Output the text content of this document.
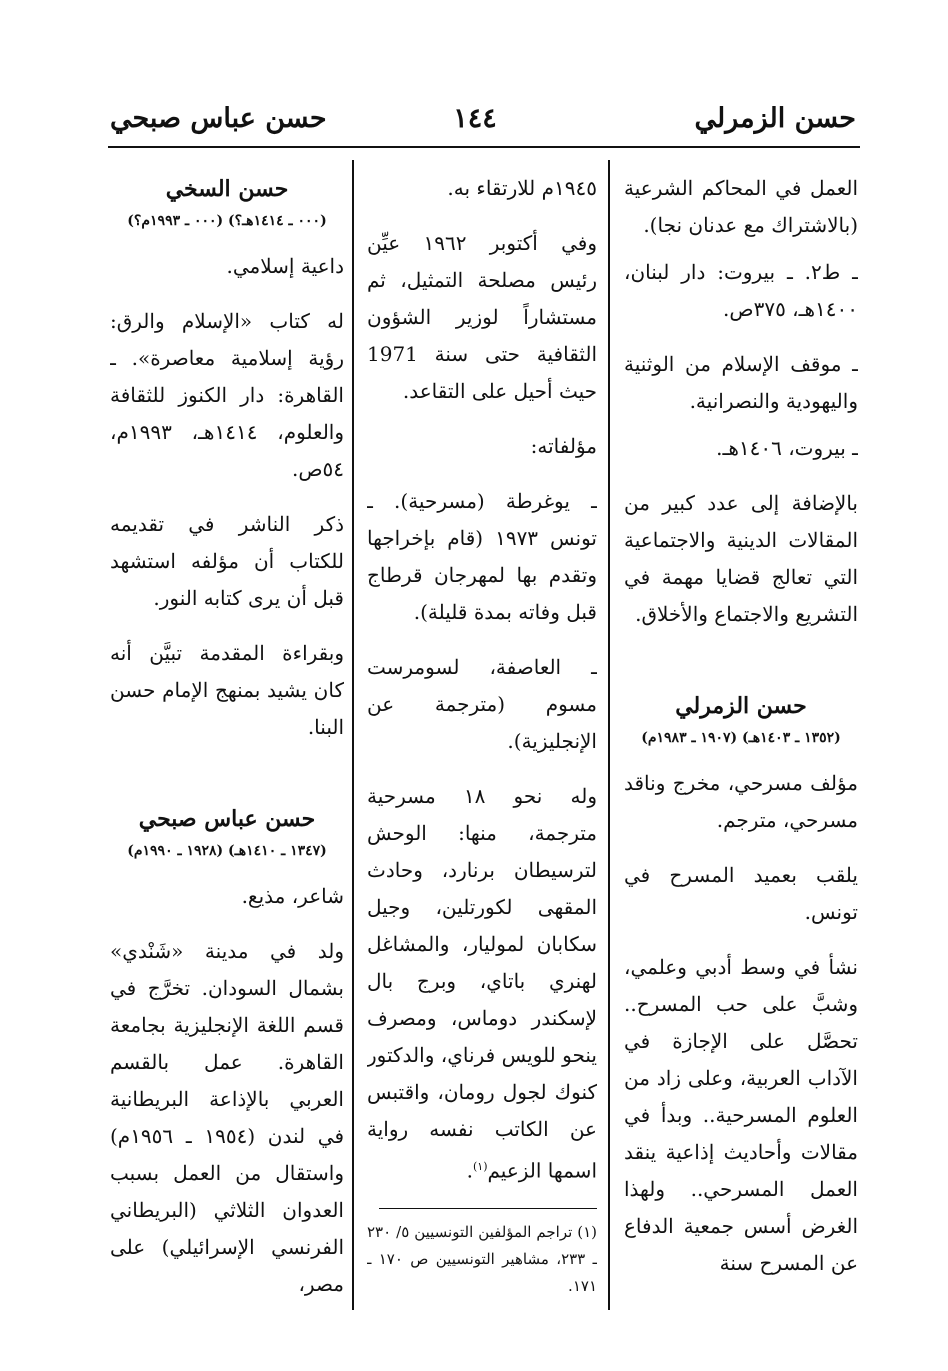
حسن الزمرلي
١٤٤
حسن عباس صبحي

العمل في المحاكم الشرعية (بالاشتراك مع عدنان نجا).

ـ ط٢. ـ بيروت: دار لبنان، ١٤٠٠هـ، ٣٧٥ص.

ـ موقف الإسلام من الوثنية واليهودية والنصرانية.

ـ بيروت، ١٤٠٦هـ.

بالإضافة إلى عدد كبير من المقالات الدينية والاجتماعية التي تعالج قضايا مهمة في التشريع والاجتماع والأخلاق.

حسن الزمرلي
(١٣٥٢ ـ ١٤٠٣هـ) (١٩٠٧ ـ ١٩٨٣م)

مؤلف مسرحي، مخرج وناقد مسرحي، مترجم.

يلقب بعميد المسرح في تونس.

نشأ في وسط أدبي وعلمي، وشبَّ على حب المسرح.. تحصَّل على الإجازة في الآداب العربية، وعلى زاد من العلوم المسرحية.. وبدأ في مقالات وأحاديث إذاعية ينقد العمل المسرحي.. ولهذا الغرض أسس جمعية الدفاع عن المسرح سنة

١٩٤٥م للارتقاء به.

وفي أكتوبر ١٩٦٢ عيِّن رئيس مصلحة التمثيل، ثم مستشاراً لوزير الشؤون الثقافية حتى سنة 1971 حيث أحيل على التقاعد.

مؤلفاته:

ـ يوغرطة (مسرحية). ـ تونس ١٩٧٣ (قام بإخراجها وتقدم بها لمهرجان قرطاج قبل وفاته بمدة قليلة).

ـ العاصفة، لسومرست مسوم (مترجمة عن الإنجليزية).

وله نحو ١٨ مسرحية مترجمة، منها: الوحش لترسيطان برنارد، وحادث المقهى لكورتلين، وجيل سكابان لموليار، والمشاغل لهنري باتاي، وبرج بال لإسكندر دوماس، ومصرف ينحو للويس فرناي، والدكتور كنوك لجول رومان، واقتبس عن الكاتب نفسه رواية اسمها الزعيم$^{(١)}$.

(١) تراجم المؤلفين التونسيين ٥/ ٢٣٠ ـ ٢٣٣، مشاهير التونسيين ص ١٧٠ ـ ١٧١.

حسن السخي
(٠٠٠ ـ ١٤١٤هـ؟) (٠٠٠ ـ ١٩٩٣م؟)

داعية إسلامي.

له كتاب «الإسلام والرق: رؤية إسلامية معاصرة». ـ القاهرة: دار الكنوز للثقافة والعلوم، ١٤١٤هـ، ١٩٩٣م، ٥٤ص.

ذكر الناشر في تقديمه للكتاب أن مؤلفه استشهد قبل أن يرى كتابه النور.

وبقراءة المقدمة تبيَّن أنه كان يشيد بمنهج الإمام حسن البنا.

حسن عباس صبحي
(١٣٤٧ ـ ١٤١٠هـ) (١٩٢٨ ـ ١٩٩٠م)

شاعر، مذيع.

ولد في مدينة «شَنْدي» بشمال السودان. تخرَّج في قسم اللغة الإنجليزية بجامعة القاهرة. عمل بالقسم العربي بالإذاعة البريطانية في لندن (١٩٥٤ ـ ١٩٥٦م) واستقال من العمل بسبب العدوان الثلاثي (البريطاني الفرنسي الإسرائيلي) على مصر،
